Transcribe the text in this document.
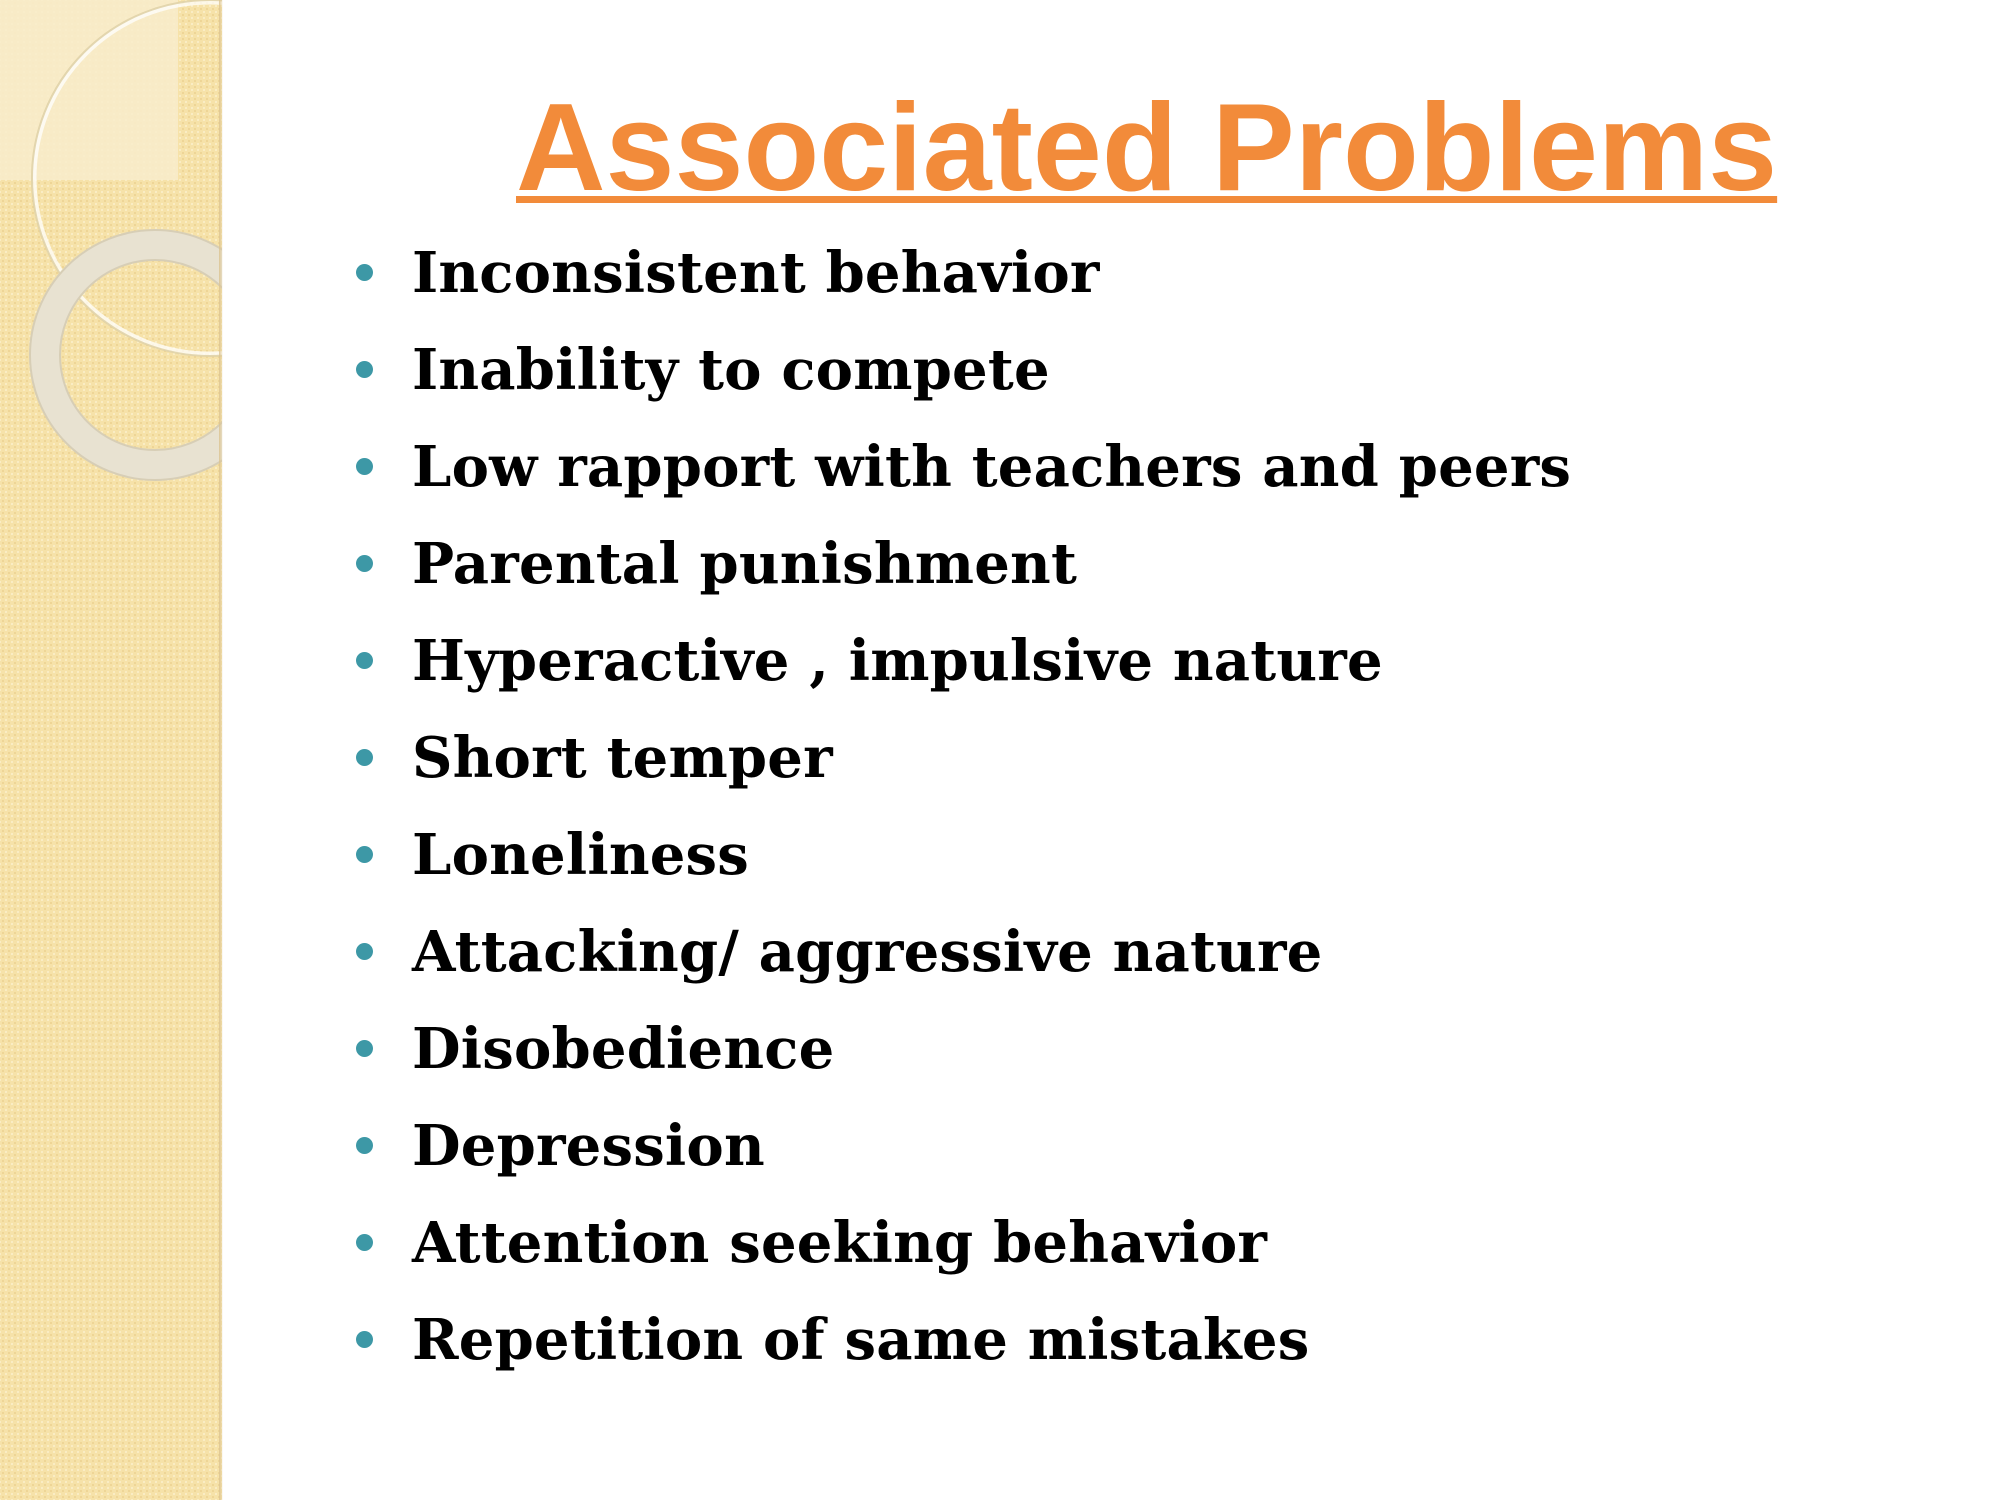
Associated Problems
Inconsistent behavior
Inability to compete
Low rapport with teachers and peers
Parental punishment
Hyperactive , impulsive nature
Short temper
Loneliness
Attacking/ aggressive nature
Disobedience
Depression
Attention seeking behavior
Repetition of same mistakes
